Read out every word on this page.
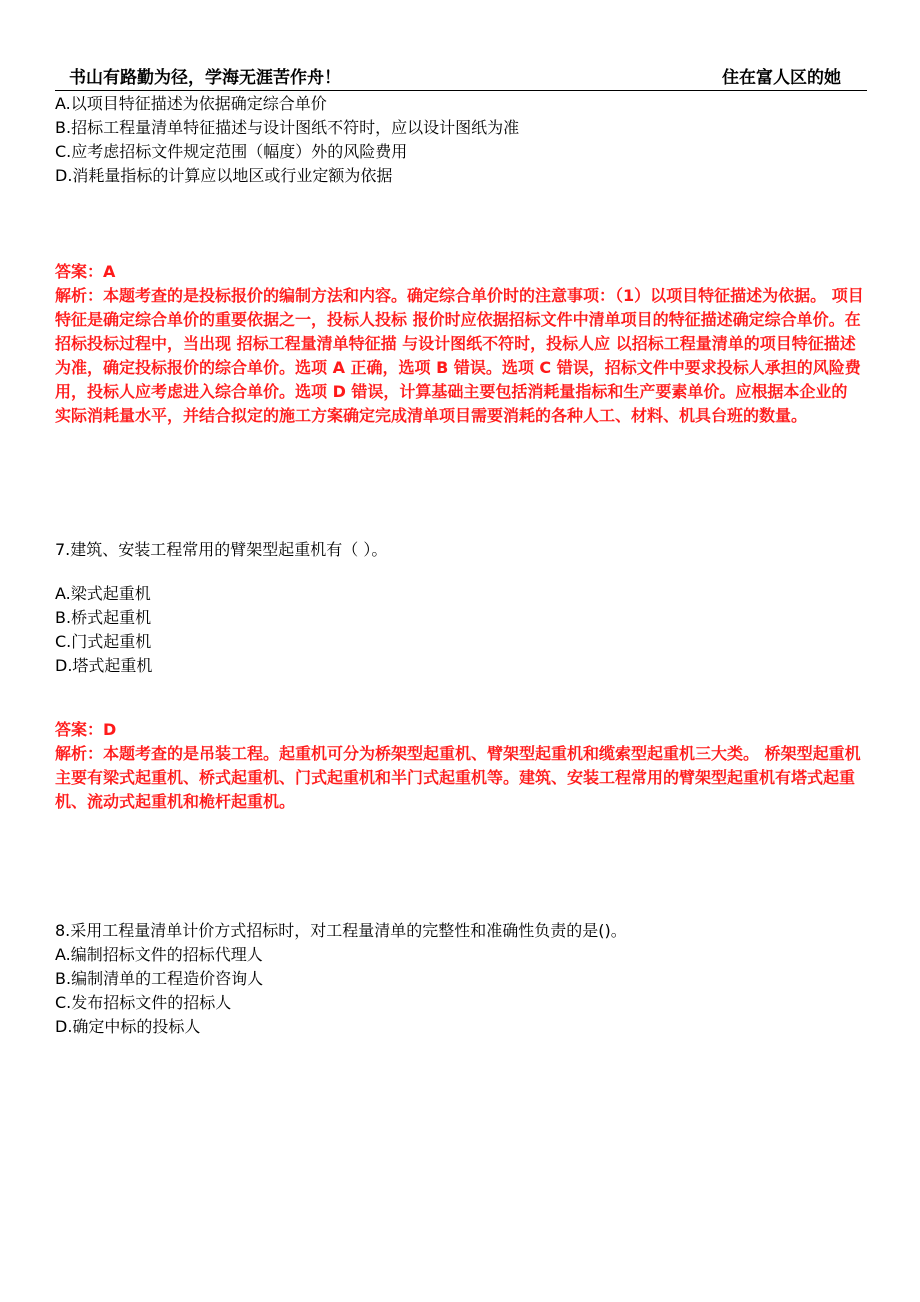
书山有路勤为径，学海无涯苦作舟！	住在富人区的她
A.以项目特征描述为依据确定综合单价
B.招标工程量清单特征描述与设计图纸不符时，应以设计图纸为准
C.应考虑招标文件规定范围（幅度）外的风险费用
D.消耗量指标的计算应以地区或行业定额为依据
答案：A
解析：本题考查的是投标报价的编制方法和内容。确定综合单价时的注意事项：（1）以项目特征描述为依据。 项目特征是确定综合单价的重要依据之一，投标人投标 报价时应依据招标文件中清单项目的特征描述确定综合单价。在招标投标过程中，当出现 招标工程量清单特征描 与设计图纸不符时，投标人应 以招标工程量清单的项目特征描述 为准，确定投标报价的综合单价。选项 A 正确，选项 B 错误。选项 C 错误，招标文件中要求投标人承担的风险费用，投标人应考虑进入综合单价。选项 D 错误，计算基础主要包括消耗量指标和生产要素单价。应根据本企业的 实际消耗量水平，并结合拟定的施工方案确定完成清单项目需要消耗的各种人工、材料、机具台班的数量。
7.建筑、安装工程常用的臂架型起重机有（ ）。
A.梁式起重机
B.桥式起重机
C.门式起重机
D.塔式起重机
答案：D
解析：本题考查的是吊装工程。起重机可分为桥架型起重机、臂架型起重机和缆索型起重机三大类。 桥架型起重机主要有梁式起重机、桥式起重机、门式起重机和半门式起重机等。建筑、安装工程常用的臂架型起重机有塔式起重机、流动式起重机和桅杆起重机。
8.采用工程量清单计价方式招标时，对工程量清单的完整性和准确性负责的是()。
A.编制招标文件的招标代理人
B.编制清单的工程造价咨询人
C.发布招标文件的招标人
D.确定中标的投标人
